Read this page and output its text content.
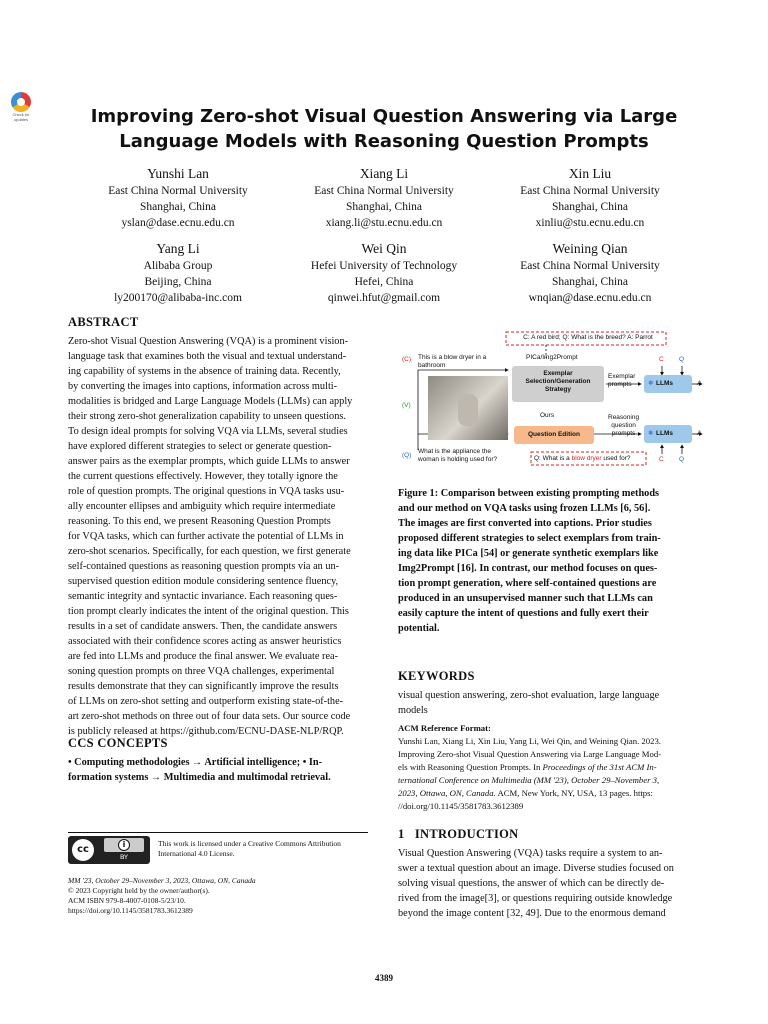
Check for
updates	Improving Zero-shot Visual Question Answering via Large
Language Models with Reasoning Question Prompts
Yunshi Lan
East China Normal University
Shanghai, China
yslan@dase.ecnu.edu.cn
Xiang Li
East China Normal University
Shanghai, China
xiang.li@stu.ecnu.edu.cn
Xin Liu
East China Normal University
Shanghai, China
xinliu@stu.ecnu.edu.cn
Yang Li
Alibaba Group
Beijing, China
ly200170@alibaba-inc.com
Wei Qin
Hefei University of Technology
Hefei, China
qinwei.hfut@gmail.com
Weining Qian
East China Normal University
Shanghai, China
wnqian@dase.ecnu.edu.cn
ABSTRACT
Zero-shot Visual Question Answering (VQA) is a prominent vision-
language task that examines both the visual and textual understand-
ing capability of systems in the absence of training data. Recently,
by converting the images into captions, information across multi-
modalities is bridged and Large Language Models (LLMs) can apply
their strong zero-shot generalization capability to unseen questions.
To design ideal prompts for solving VQA via LLMs, several studies
have explored different strategies to select or generate question-
answer pairs as the exemplar prompts, which guide LLMs to answer
the current questions effectively. However, they totally ignore the
role of question prompts. The original questions in VQA tasks usu-
ally encounter ellipses and ambiguity which require intermediate
reasoning. To this end, we present Reasoning Question Prompts
for VQA tasks, which can further activate the potential of LLMs in
zero-shot scenarios. Specifically, for each question, we first generate
self-contained questions as reasoning question prompts via an un-
supervised question edition module considering sentence fluency,
semantic integrity and syntactic invariance. Each reasoning ques-
tion prompt clearly indicates the intent of the original question. This
results in a set of candidate answers. Then, the candidate answers
associated with their confidence scores acting as answer heuristics
are fed into LLMs and produce the final answer. We evaluate rea-
soning question prompts on three VQA challenges, experimental
results demonstrate that they can significantly improve the results
of LLMs on zero-shot setting and outperform existing state-of-the-
art zero-shot methods on three out of four data sets. Our source code
is publicly released at https://github.com/ECNU-DASE-NLP/RQP.
CCS CONCEPTS
• Computing methodologies → Artificial intelligence; • In-
formation systems → Multimedia and multimodal retrieval.
cc	i
BY
This work is licensed under a Creative Commons Attribution
International 4.0 License.
MM '23, October 29–November 3, 2023, Ottawa, ON, Canada
© 2023 Copyright held by the owner/author(s).
ACM ISBN 979-8-4007-0108-5/23/10.
https://doi.org/10.1145/3581783.3612389
C: A red bird; Q: What is the breed? A: Parrot
PICa/Img2Prompt
(C) This is a blow dryer in a
bathroom
(V)
(Q)
What is the appliance the
woman is holding used for?
Exemplar
Selection/Generation
Strategy
Exemplar
prompts	LLMs
LLMs
❄
❄
A
A
C Q
C Q
Ours
Question Edition
Reasoning
question
prompts
Q: What is a blow dryer used for?
Figure 1: Comparison between existing prompting methods
and our method on VQA tasks using frozen LLMs [6, 56].
The images are first converted into captions. Prior studies
proposed different strategies to select exemplars from train-
ing data like PICa [54] or generate synthetic exemplars like
Img2Prompt [16]. In contrast, our method focuses on ques-
tion prompt generation, where self-contained questions are
produced in an unsupervised manner such that LLMs can
easily capture the intent of questions and fully exert their
potential.
KEYWORDS
visual question answering, zero-shot evaluation, large language
models
ACM Reference Format:
Yunshi Lan, Xiang Li, Xin Liu, Yang Li, Wei Qin, and Weining Qian. 2023.
Improving Zero-shot Visual Question Answering via Large Language Mod-
els with Reasoning Question Prompts. In Proceedings of the 31st ACM In-
ternational Conference on Multimedia (MM '23), October 29–November 3,
2023, Ottawa, ON, Canada. ACM, New York, NY, USA, 13 pages. https:
//doi.org/10.1145/3581783.3612389
1 INTRODUCTION
Visual Question Answering (VQA) tasks require a system to an-
swer a textual question about an image. Diverse studies focused on
solving visual questions, the answer of which can be directly de-
rived from the image[3], or questions requiring outside knowledge
beyond the image content [32, 49]. Due to the enormous demand
4389
